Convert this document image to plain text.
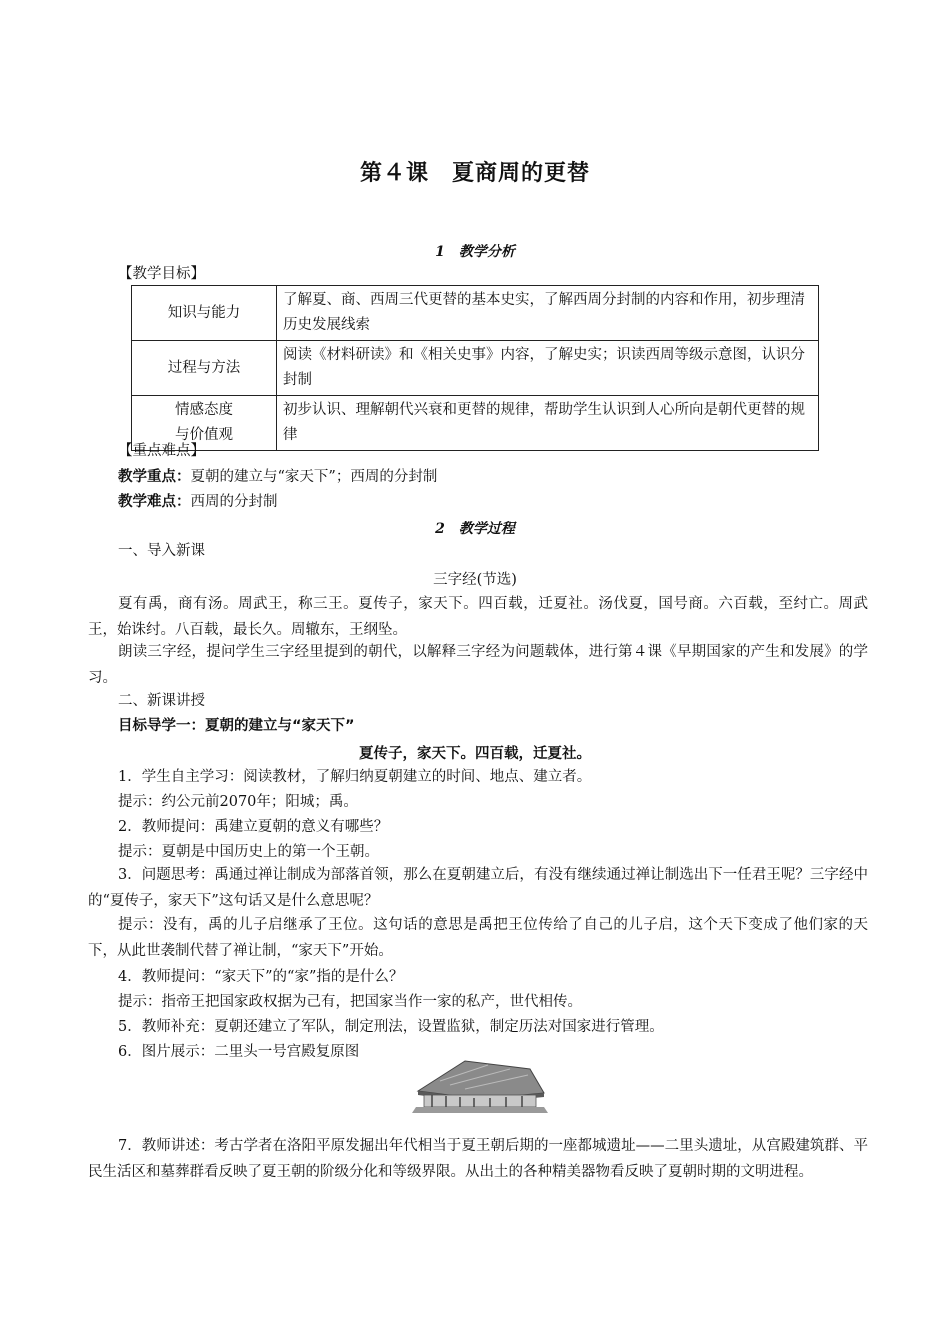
第４课　夏商周的更替
1　教学分析
【教学目标】
知识与能力	了解夏、商、西周三代更替的基本史实，了解西周分封制的内容和作用，初步理清历史发展线索
过程与方法	阅读《材料研读》和《相关史事》内容，了解史实；识读西周等级示意图，认识分封制

情感态度
与价值观	初步认识、理解朝代兴衰和更替的规律，帮助学生认识到人心所向是朝代更替的规律
【重点难点】
教学重点：夏朝的建立与“家天下”；西周的分封制
教学难点：西周的分封制
2　教学过程
一、导入新课
三字经(节选)
夏有禹，商有汤。周武王，称三王。夏传子，家天下。四百载，迁夏社。汤伐夏，国号商。六百载，至纣亡。周武王，始诛纣。八百载，最长久。周辙东，王纲坠。
朗读三字经，提问学生三字经里提到的朝代，以解释三字经为问题载体，进行第４课《早期国家的产生和发展》的学习。
二、新课讲授
目标导学一：夏朝的建立与“家天下”
夏传子，家天下。四百载，迁夏社。
1．学生自主学习：阅读教材，了解归纳夏朝建立的时间、地点、建立者。
提示：约公元前2070年；阳城；禹。
2．教师提问：禹建立夏朝的意义有哪些？
提示：夏朝是中国历史上的第一个王朝。
3．问题思考：禹通过禅让制成为部落首领，那么在夏朝建立后，有没有继续通过禅让制选出下一任君王呢？三字经中的“夏传子，家天下”这句话又是什么意思呢？
提示：没有，禹的儿子启继承了王位。这句话的意思是禹把王位传给了自己的儿子启，这个天下变成了他们家的天下，从此世袭制代替了禅让制，“家天下”开始。
4．教师提问：“家天下”的“家”指的是什么？
提示：指帝王把国家政权据为己有，把国家当作一家的私产，世代相传。
5．教师补充：夏朝还建立了军队，制定刑法，设置监狱，制定历法对国家进行管理。
6．图片展示：二里头一号宫殿复原图
7．教师讲述：考古学者在洛阳平原发掘出年代相当于夏王朝后期的一座都城遗址——二里头遗址，从宫殿建筑群、平民生活区和墓葬群看反映了夏王朝的阶级分化和等级界限。从出土的各种精美器物看反映了夏朝时期的文明进程。
